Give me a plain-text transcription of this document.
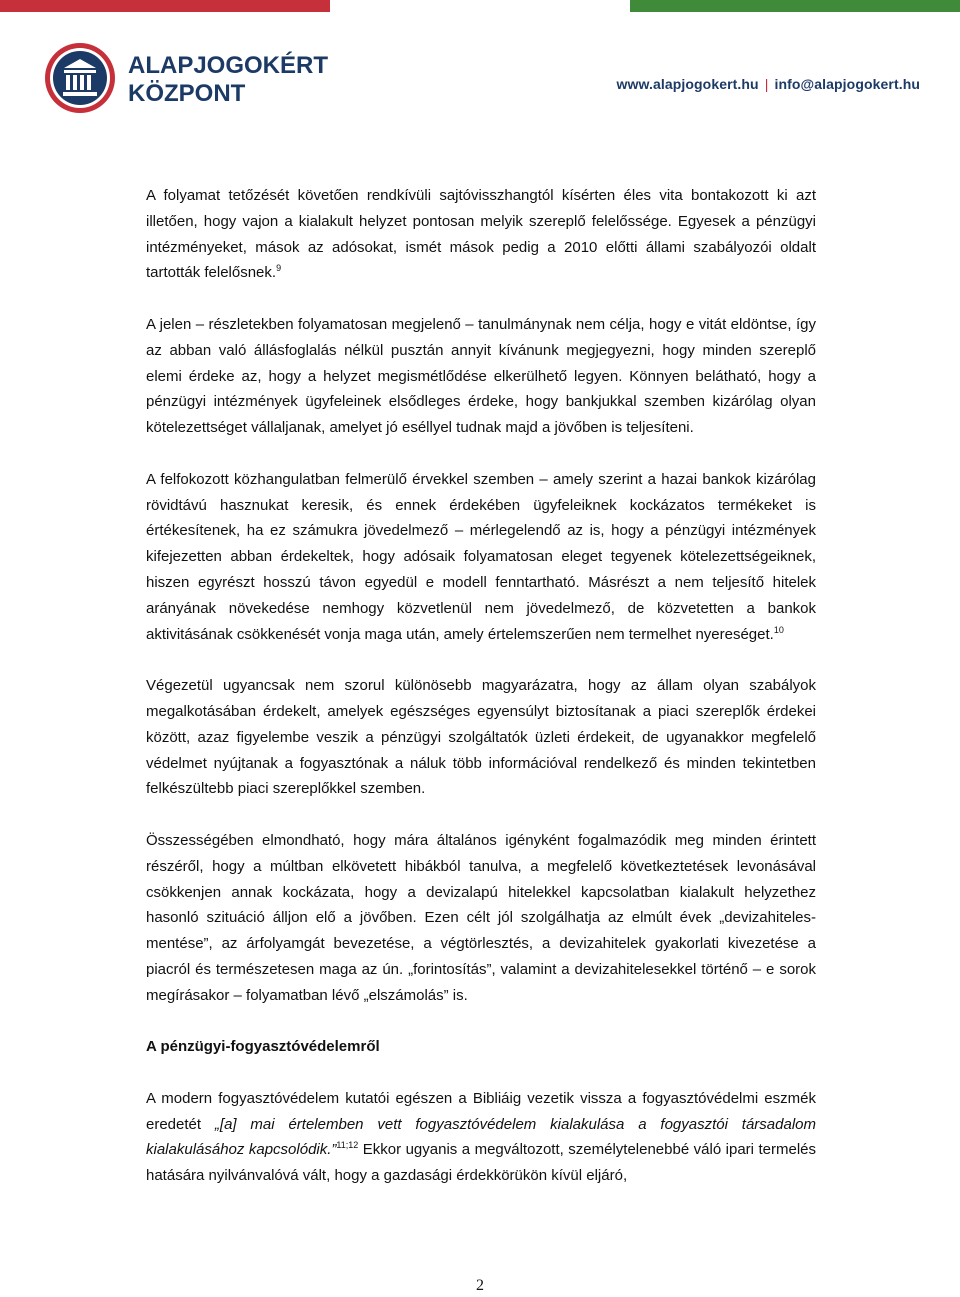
ALAPJOGOKÉRT
KÖZPONT	www.alapjogokert.hu | info@alapjogokert.hu

A folyamat tetőzését követően rendkívüli sajtóvisszhangtól kísérten éles vita bontakozott ki azt illetően, hogy vajon a kialakult helyzet pontosan melyik szereplő felelőssége. Egyesek a pénzügyi intézményeket, mások az adósokat, ismét mások pedig a 2010 előtti állami szabályozói oldalt tartották felelősnek.$^9$

A jelen – részletekben folyamatosan megjelenő – tanulmánynak nem célja, hogy e vitát eldöntse, így az abban való állásfoglalás nélkül pusztán annyit kívánunk megjegyezni, hogy minden szereplő elemi érdeke az, hogy a helyzet megismétlődése elkerülhető legyen. Könnyen belátható, hogy a pénzügyi intézmények ügyfeleinek elsődleges érdeke, hogy bankjukkal szemben kizárólag olyan kötelezettséget vállaljanak, amelyet jó eséllyel tudnak majd a jövőben is teljesíteni.

A felfokozott közhangulatban felmerülő érvekkel szemben – amely szerint a hazai bankok kizárólag rövidtávú hasznukat keresik, és ennek érdekében ügyfeleiknek kockázatos termékeket is értékesítenek, ha ez számukra jövedelmező – mérlegelendő az is, hogy a pénzügyi intézmények kifejezetten abban érdekeltek, hogy adósaik folyamatosan eleget tegyenek kötelezettségeiknek, hiszen egyrészt hosszú távon egyedül e modell fenntartható. Másrészt a nem teljesítő hitelek arányának növekedése nemhogy közvetlenül nem jövedelmező, de közvetetten a bankok aktivitásának csökkenését vonja maga után, amely értelemszerűen nem termelhet nyereséget.$^{10}$

Végezetül ugyancsak nem szorul különösebb magyarázatra, hogy az állam olyan szabályok megalkotásában érdekelt, amelyek egészséges egyensúlyt biztosítanak a piaci szereplők érdekei között, azaz figyelembe veszik a pénzügyi szolgáltatók üzleti érdekeit, de ugyanakkor megfelelő védelmet nyújtanak a fogyasztónak a náluk több információval rendelkező és minden tekintetben felkészültebb piaci szereplőkkel szemben.

Összességében elmondható, hogy mára általános igényként fogalmazódik meg minden érintett részéről, hogy a múltban elkövetett hibákból tanulva, a megfelelő következtetések levonásával csökkenjen annak kockázata, hogy a devizalapú hitelekkel kapcsolatban kialakult helyzethez hasonló szituáció álljon elő a jövőben. Ezen célt jól szolgálhatja az elmúlt évek „devizahiteles-mentése”, az árfolyamgát bevezetése, a végtörlesztés, a devizahitelek gyakorlati kivezetése a piacról és természetesen maga az ún. „forintosítás”, valamint a devizahitelesekkel történő – e sorok megírásakor – folyamatban lévő „elszámolás” is.

A pénzügyi-fogyasztóvédelemről

A modern fogyasztóvédelem kutatói egészen a Bibliáig vezetik vissza a fogyasztóvédelmi eszmék eredetét „[a] mai értelemben vett fogyasztóvédelem kialakulása a fogyasztói társadalom kialakulásához kapcsolódik.”$^{11;12}$ Ekkor ugyanis a megváltozott, személytelenebbé váló ipari termelés hatására nyilvánvalóvá vált, hogy a gazdasági érdekkörükön kívül eljáró,

2
